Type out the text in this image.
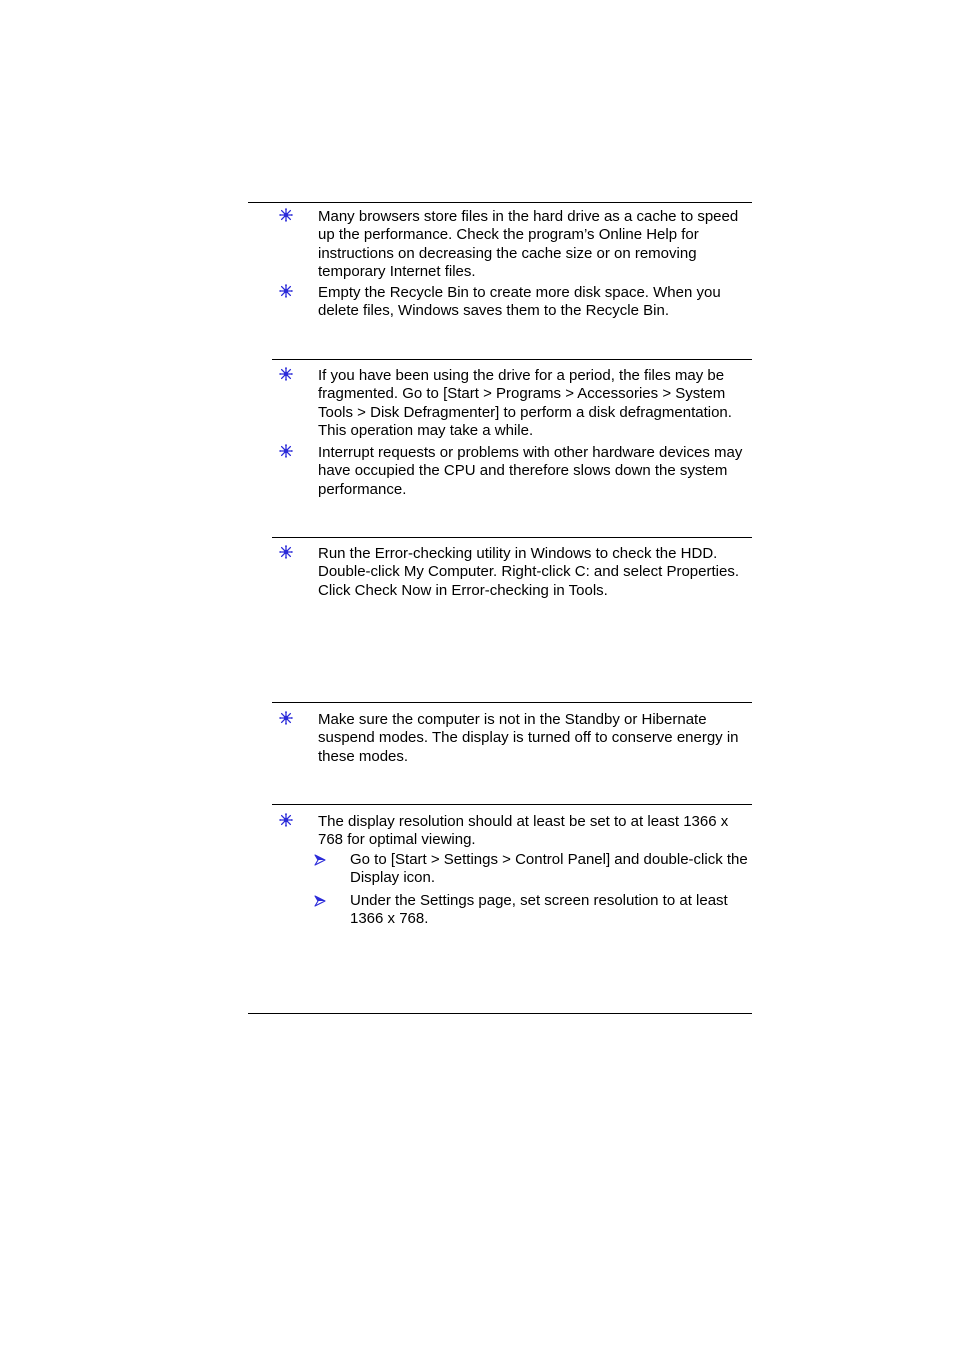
Many browsers store files in the hard drive as a cache to speed up the performance. Check the program’s Online Help for instructions on decreasing the cache size or on removing temporary Internet files.
Empty the Recycle Bin to create more disk space. When you delete files, Windows saves them to the Recycle Bin.
If you have been using the drive for a period, the files may be fragmented. Go to [Start > Programs > Accessories > System Tools > Disk Defragmenter] to perform a disk defragmentation. This operation may take a while.
Interrupt requests or problems with other hardware devices may have occupied the CPU and therefore slows down the system performance.
Run the Error-checking utility in Windows to check the HDD. Double-click My Computer. Right-click C: and select Properties. Click Check Now in Error-checking in Tools.
Make sure the computer is not in the Standby or Hibernate suspend modes. The display is turned off to conserve energy in these modes.
The display resolution should at least be set to at least 1366 x 768 for optimal viewing.
Go to [Start > Settings > Control Panel] and double-click the Display icon.
Under the Settings page, set screen resolution to at least 1366 x 768.
